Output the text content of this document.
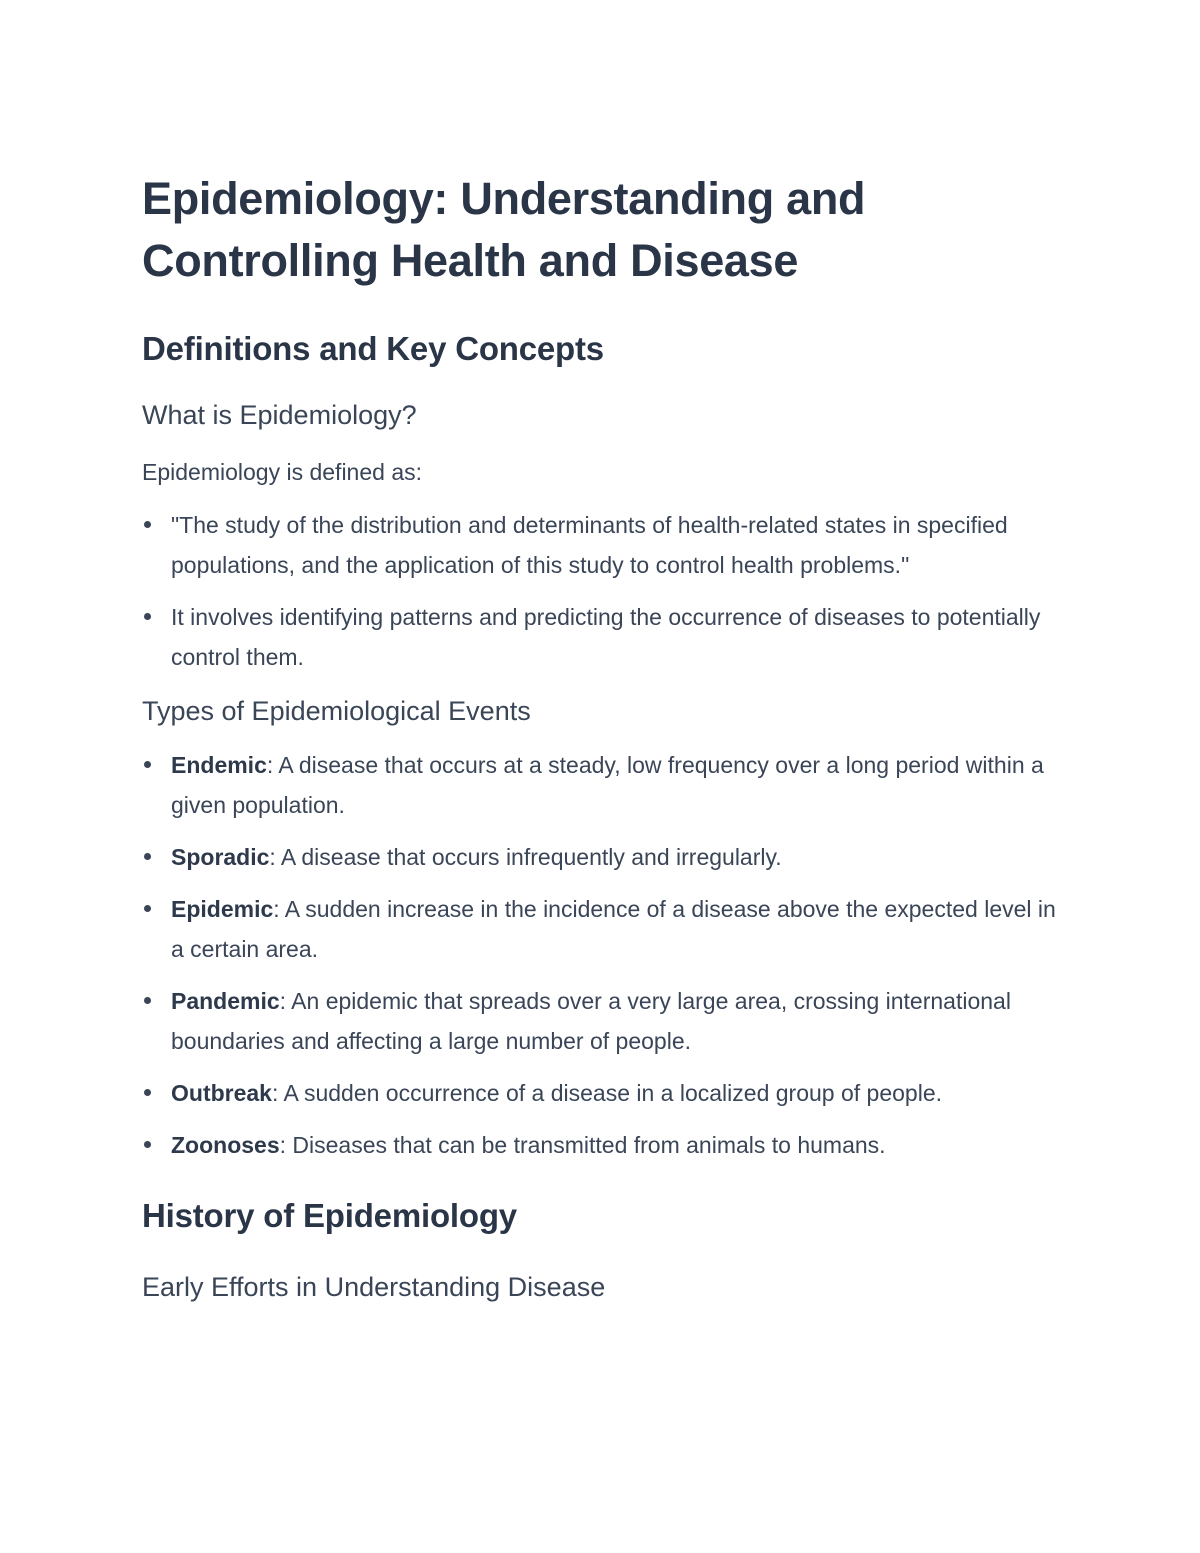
Epidemiology: Understanding and Controlling Health and Disease
Definitions and Key Concepts
What is Epidemiology?

Epidemiology is defined as:

"The study of the distribution and determinants of health-related states in specified populations, and the application of this study to control health problems."
It involves identifying patterns and predicting the occurrence of diseases to potentially control them.
Types of Epidemiological Events
Endemic: A disease that occurs at a steady, low frequency over a long period within a given population.
Sporadic: A disease that occurs infrequently and irregularly.
Epidemic: A sudden increase in the incidence of a disease above the expected level in a certain area.
Pandemic: An epidemic that spreads over a very large area, crossing international boundaries and affecting a large number of people.
Outbreak: A sudden occurrence of a disease in a localized group of people.
Zoonoses: Diseases that can be transmitted from animals to humans.
History of Epidemiology
Early Efforts in Understanding Disease
